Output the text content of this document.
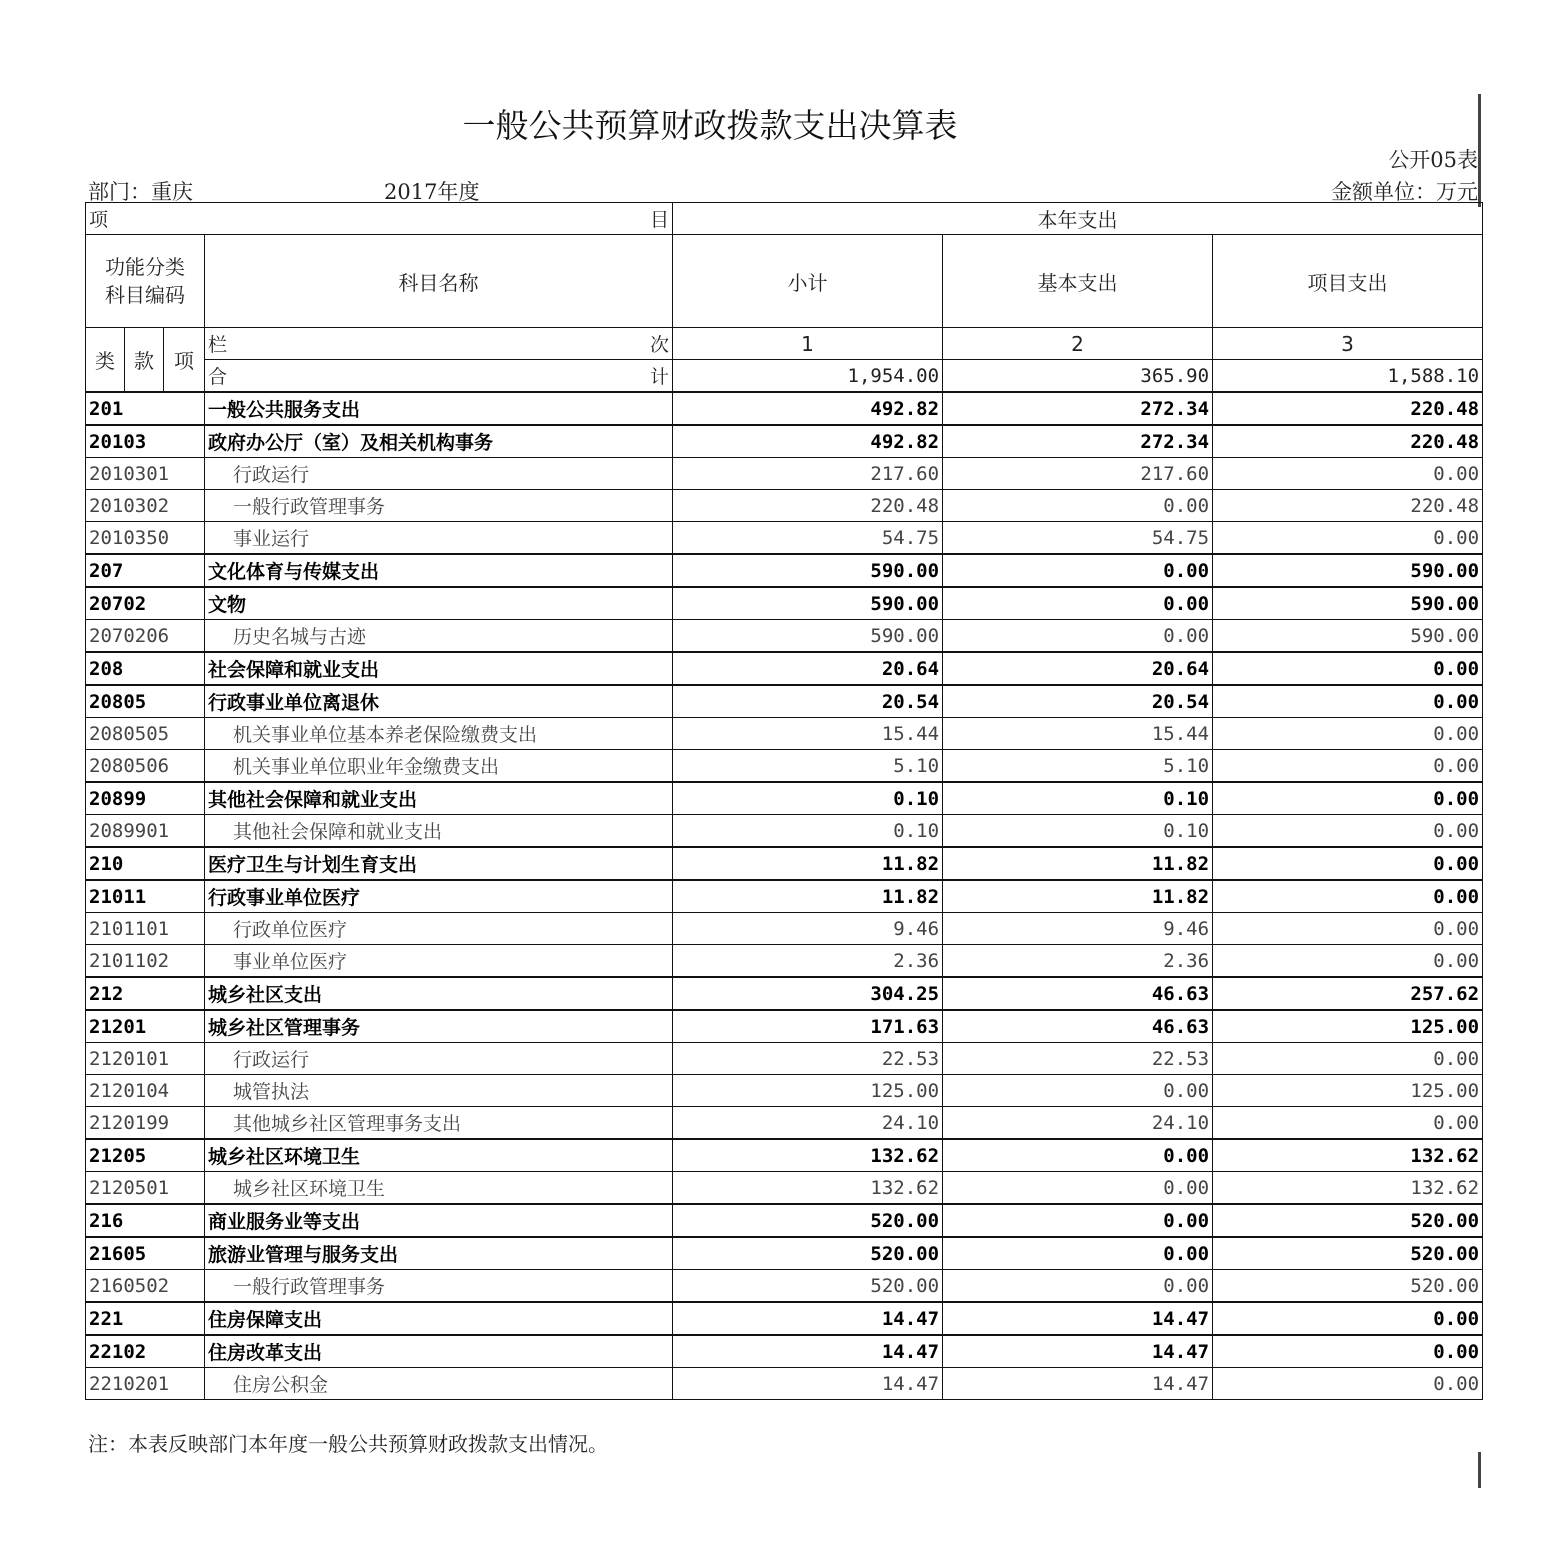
一般公共预算财政拨款支出决算表
公开05表
部门：重庆	2017年度	金额单位：万元
项 目				本年支出		
功能分类科目编码			科目名称	小计	基本支出	项目支出
类	款	项	栏 次	1	2	3

			合 计	1,954.00	365.90	1,588.10
201			一般公共服务支出	492.82	272.34	220.48
20103			政府办公厅（室）及相关机构事务	492.82	272.34	220.48
2010301			行政运行	217.60	217.60	0.00
2010302			一般行政管理事务	220.48	0.00	220.48
2010350			事业运行	54.75	54.75	0.00
207			文化体育与传媒支出	590.00	0.00	590.00
20702			文物	590.00	0.00	590.00
2070206			历史名城与古迹	590.00	0.00	590.00
208			社会保障和就业支出	20.64	20.64	0.00
20805			行政事业单位离退休	20.54	20.54	0.00
2080505			机关事业单位基本养老保险缴费支出	15.44	15.44	0.00
2080506			机关事业单位职业年金缴费支出	5.10	5.10	0.00
20899			其他社会保障和就业支出	0.10	0.10	0.00
2089901			其他社会保障和就业支出	0.10	0.10	0.00
210			医疗卫生与计划生育支出	11.82	11.82	0.00
21011			行政事业单位医疗	11.82	11.82	0.00
2101101			行政单位医疗	9.46	9.46	0.00
2101102			事业单位医疗	2.36	2.36	0.00
212			城乡社区支出	304.25	46.63	257.62
21201			城乡社区管理事务	171.63	46.63	125.00
2120101			行政运行	22.53	22.53	0.00
2120104			城管执法	125.00	0.00	125.00
2120199			其他城乡社区管理事务支出	24.10	24.10	0.00
21205			城乡社区环境卫生	132.62	0.00	132.62
2120501			城乡社区环境卫生	132.62	0.00	132.62
216			商业服务业等支出	520.00	0.00	520.00
21605			旅游业管理与服务支出	520.00	0.00	520.00
2160502			一般行政管理事务	520.00	0.00	520.00
221			住房保障支出	14.47	14.47	0.00
22102			住房改革支出	14.47	14.47	0.00
2210201			住房公积金	14.47	14.47	0.00
注：本表反映部门本年度一般公共预算财政拨款支出情况。
